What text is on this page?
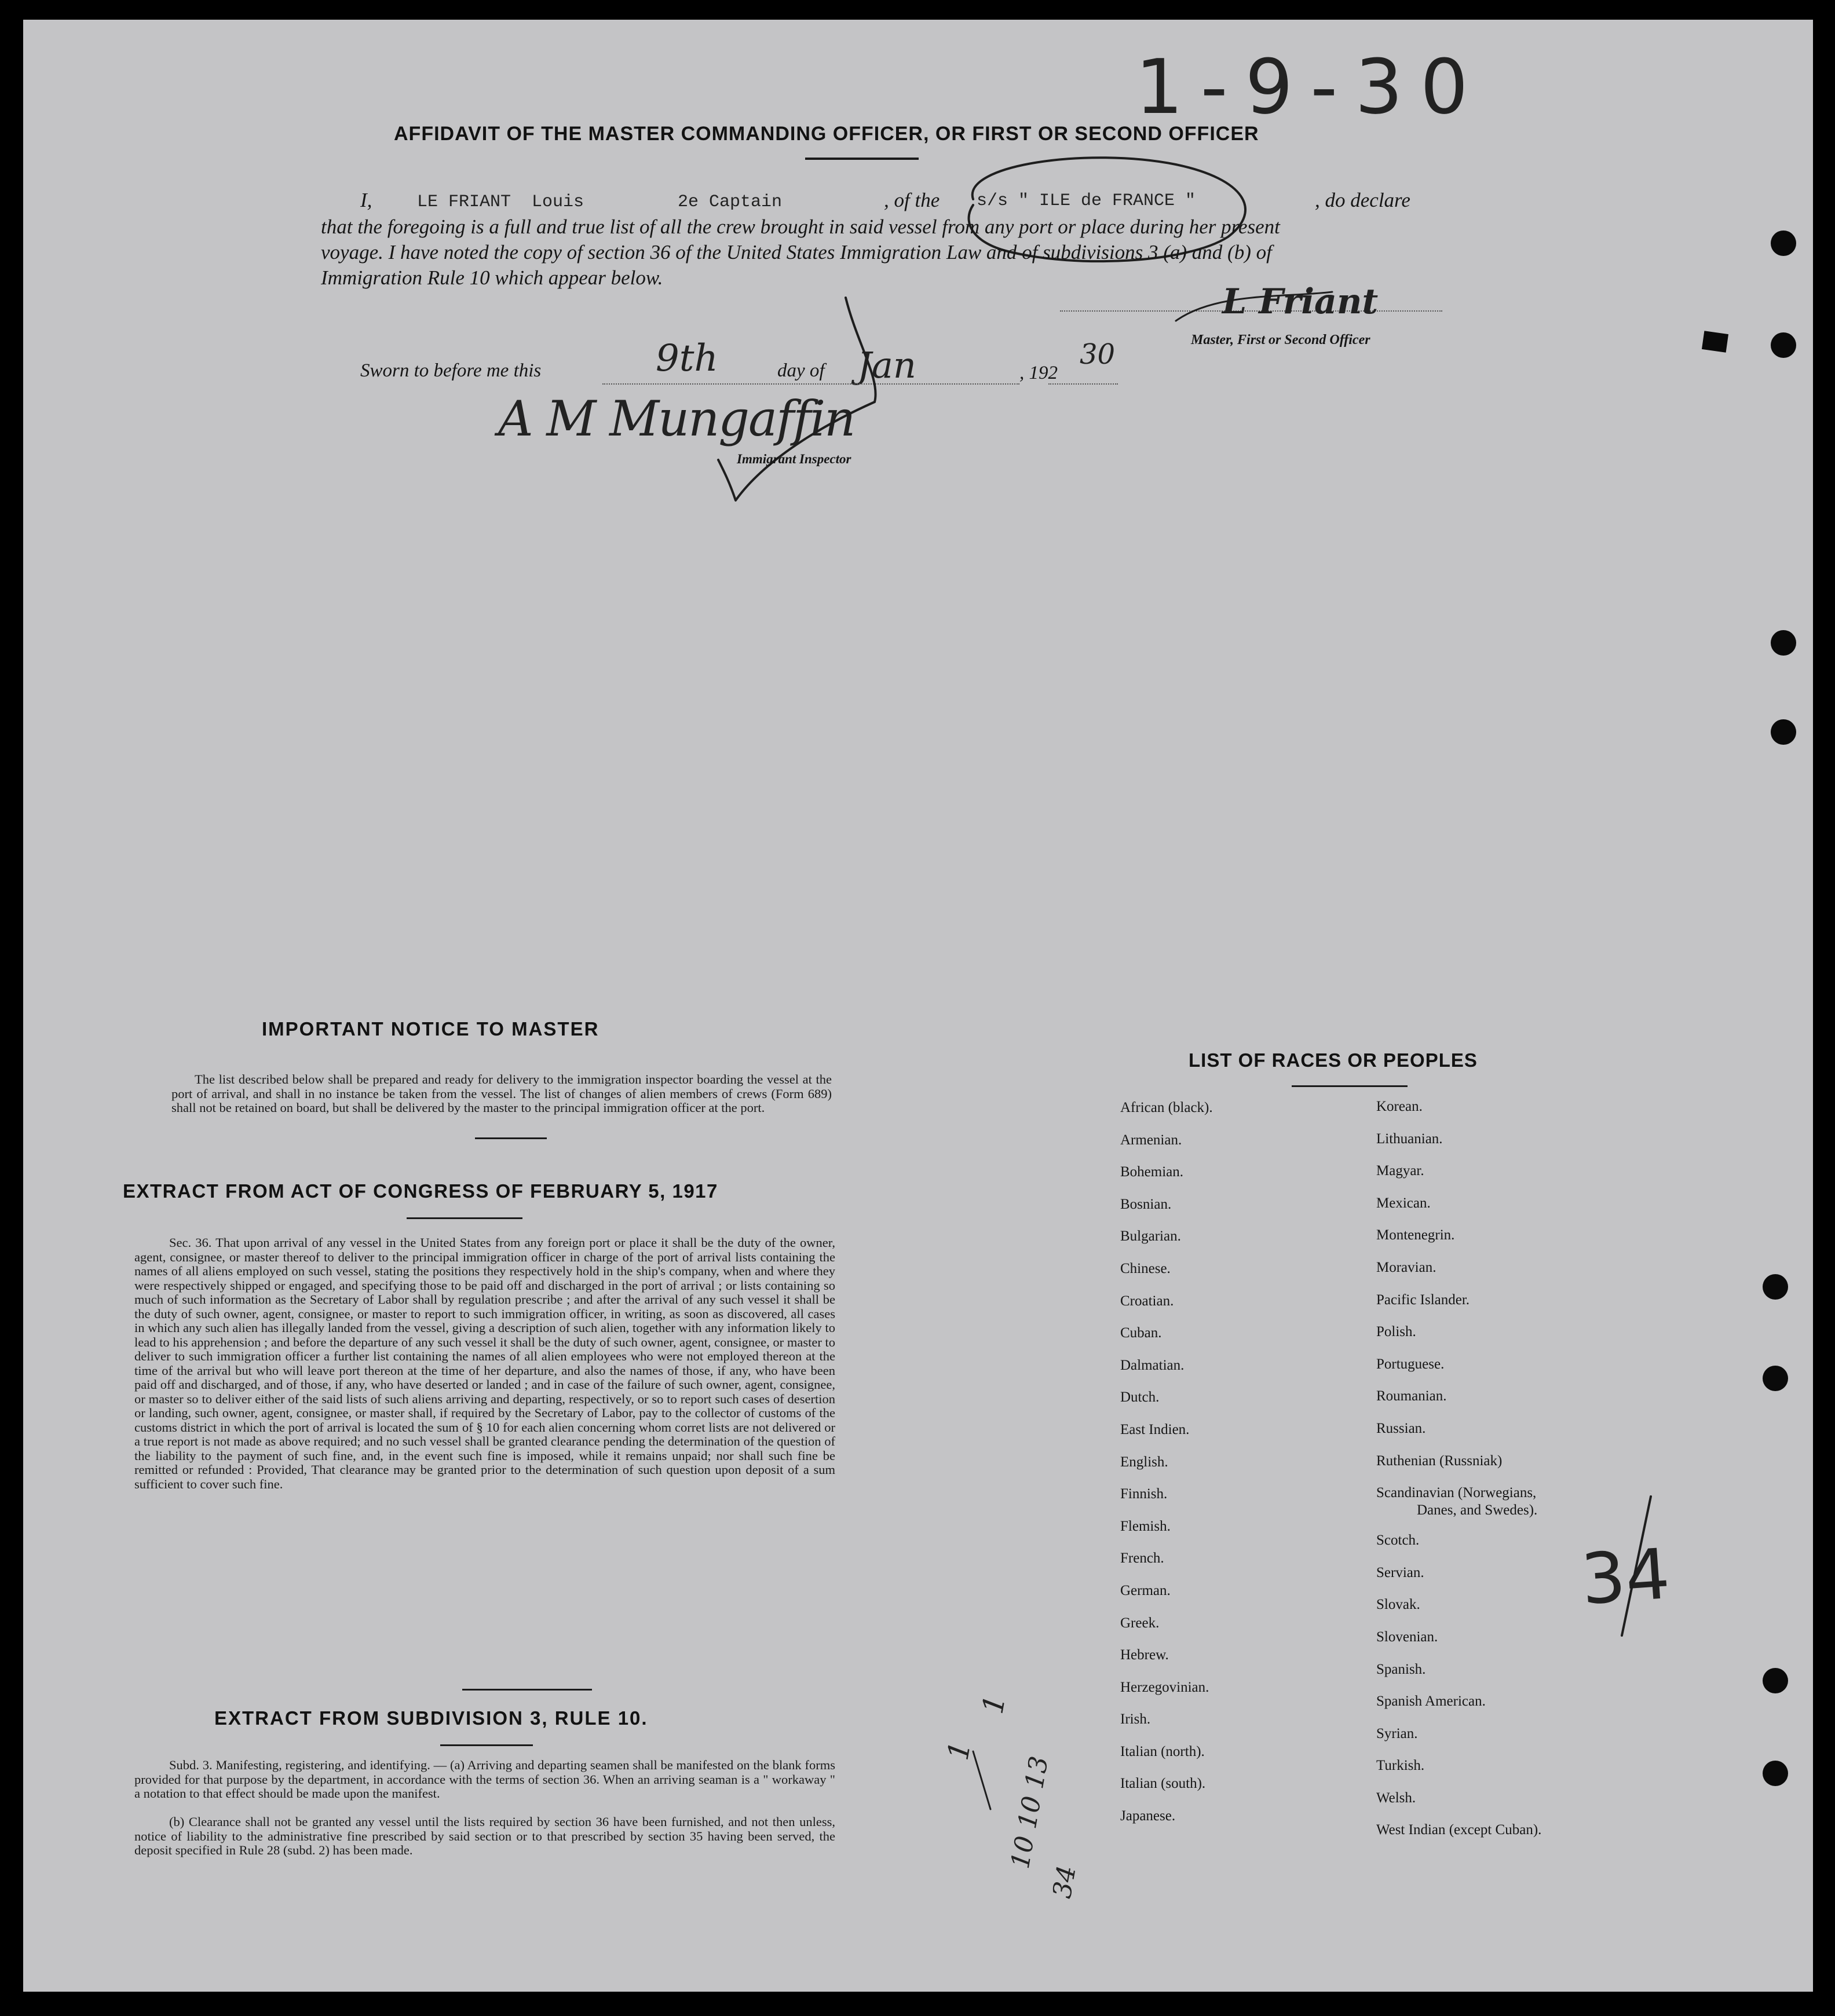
1-9-30
AFFIDAVIT OF THE MASTER COMMANDING OFFICER, OR FIRST OR SECOND OFFICER
I,	LE FRIANT  Louis	2e Captain	, of the s/s " ILE de FRANCE "	, do declare
that the foregoing is a full and true list of all the crew brought in said vessel from any port or place during her present
voyage. I have noted the copy of section 36 of the United States Immigration Law and of subdivisions 3 (a) and (b) of
Immigration Rule 10 which appear below.
L Friant
Master, First or Second Officer
Sworn to before me this	9th	day of Jan	, 192
30
A M Mungaffin
Immigrant Inspector
IMPORTANT NOTICE TO MASTER
The list described below shall be prepared and ready for delivery to the immigration inspector boarding the vessel at the port of arrival, and shall in no instance be taken from the vessel. The list of changes of alien members of crews (Form 689) shall not be retained on board, but shall be delivered by the master to the principal immigration officer at the port.
EXTRACT FROM ACT OF CONGRESS OF FEBRUARY 5, 1917
Sec. 36. That upon arrival of any vessel in the United States from any foreign port or place it shall be the duty of the owner, agent, consignee, or master thereof to deliver to the principal immigration officer in charge of the port of arrival lists containing the names of all aliens employed on such vessel, stating the positions they respectively hold in the ship's company, when and where they were respectively shipped or engaged, and specifying those to be paid off and discharged in the port of arrival ; or lists containing so much of such information as the Secretary of Labor shall by regulation prescribe ; and after the arrival of any such vessel it shall be the duty of such owner, agent, consignee, or master to report to such immigration officer, in writing, as soon as discovered, all cases in which any such alien has illegally landed from the vessel, giving a description of such alien, together with any information likely to lead to his apprehension ; and before the departure of any such vessel it shall be the duty of such owner, agent, consignee, or master to deliver to such immigration officer a further list containing the names of all alien employees who were not employed thereon at the time of the arrival but who will leave port thereon at the time of her departure, and also the names of those, if any, who have been paid off and discharged, and of those, if any, who have deserted or landed ; and in case of the failure of such owner, agent, consignee, or master so to deliver either of the said lists of such aliens arriving and departing, respectively, or so to report such cases of desertion or landing, such owner, agent, consignee, or master shall, if required by the Secretary of Labor, pay to the collector of customs of the customs district in which the port of arrival is located the sum of § 10 for each alien concerning whom corret lists are not delivered or a true report is not made as above required; and no such vessel shall be granted clearance pending the determination of the question of the liability to the payment of such fine, and, in the event such fine is imposed, while it remains unpaid; nor shall such fine be remitted or refunded : Provided, That clearance may be granted prior to the determination of such question upon deposit of a sum sufficient to cover such fine.
EXTRACT FROM SUBDIVISION 3, RULE 10.
Subd. 3. Manifesting, registering, and identifying. — (a) Arriving and departing seamen shall be manifested on the blank forms provided for that purpose by the department, in accordance with the terms of section 36. When an arriving seaman is a " workaway " a notation to that effect should be made upon the manifest.
(b) Clearance shall not be granted any vessel until the lists required by section 36 have been furnished, and not then unless, notice of liability to the administrative fine prescribed by said section or to that prescribed by section 35 having been served, the deposit specified in Rule 28 (subd. 2) has been made.
LIST OF RACES OR PEOPLES
African (black).
Armenian.
Bohemian.
Bosnian.
Bulgarian.
Chinese.
Croatian.
Cuban.
Dalmatian.
Dutch.
East Indien.
English.
Finnish.
Flemish.
French.
German.
Greek.
Hebrew.
Herzegovinian.
Irish.
Italian (north).
Italian (south).
Japanese.
Korean.
Lithuanian.
Magyar.
Mexican.
Montenegrin.
Moravian.
Pacific Islander.
Polish.
Portuguese.
Roumanian.
Russian.
Ruthenian (Russniak)
Scandinavian (Norwegians,
Danes, and Swedes).
Scotch.
Servian.
Slovak.
Slovenian.
Spanish.
Spanish American.
Syrian.
Turkish.
Welsh.
West Indian (except Cuban).
34
1
1
10 10 13
34
